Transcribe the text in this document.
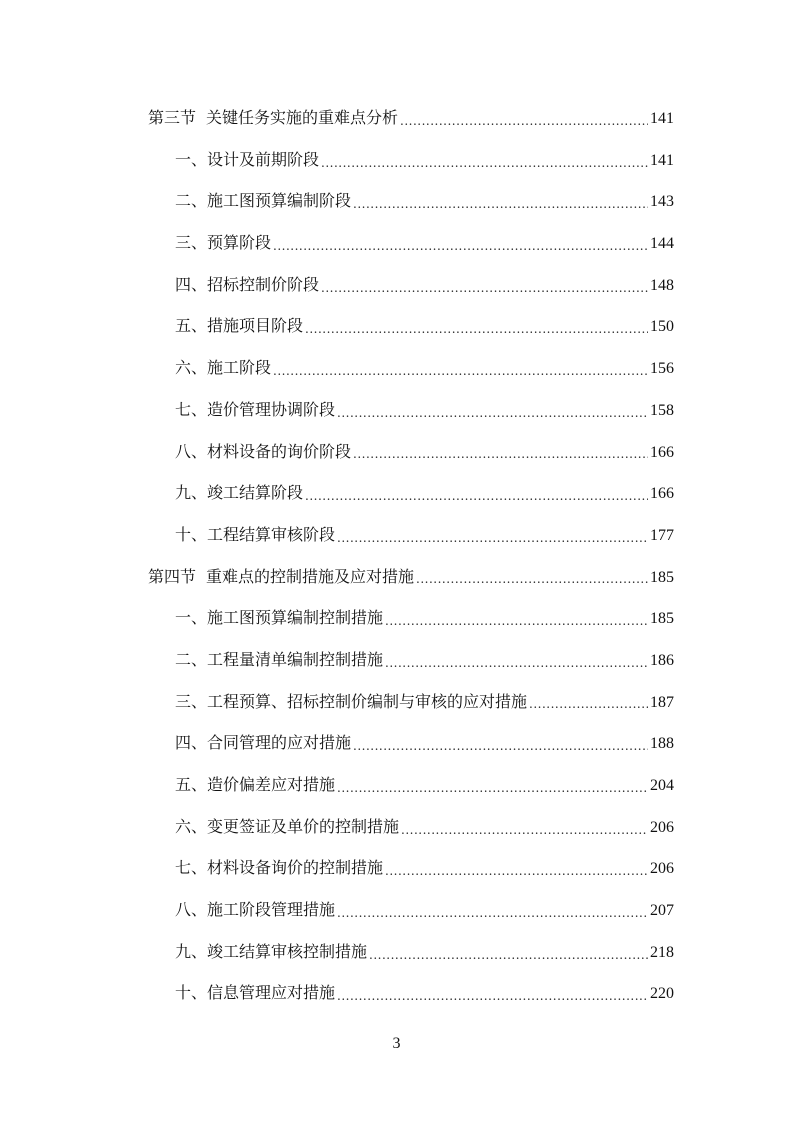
第三节 关键任务实施的重难点分析 .....	141
一、设计及前期阶段 .....	141
二、施工图预算编制阶段 .....	143
三、预算阶段 .....	144
四、招标控制价阶段 .....	148
五、措施项目阶段 .....	150
六、施工阶段 .....	156
七、造价管理协调阶段 .....	158
八、材料设备的询价阶段 .....	166
九、竣工结算阶段 .....	166
十、工程结算审核阶段 .....	177
第四节 重难点的控制措施及应对措施 .....	185
一、施工图预算编制控制措施 .....	185
二、工程量清单编制控制措施 .....	186
三、工程预算、招标控制价编制与审核的应对措施 .....	187
四、合同管理的应对措施 .....	188
五、造价偏差应对措施 .....	204
六、变更签证及单价的控制措施 .....	206
七、材料设备询价的控制措施 .....	206
八、施工阶段管理措施 .....	207
九、竣工结算审核控制措施 .....	218
十、信息管理应对措施 .....	220
3
